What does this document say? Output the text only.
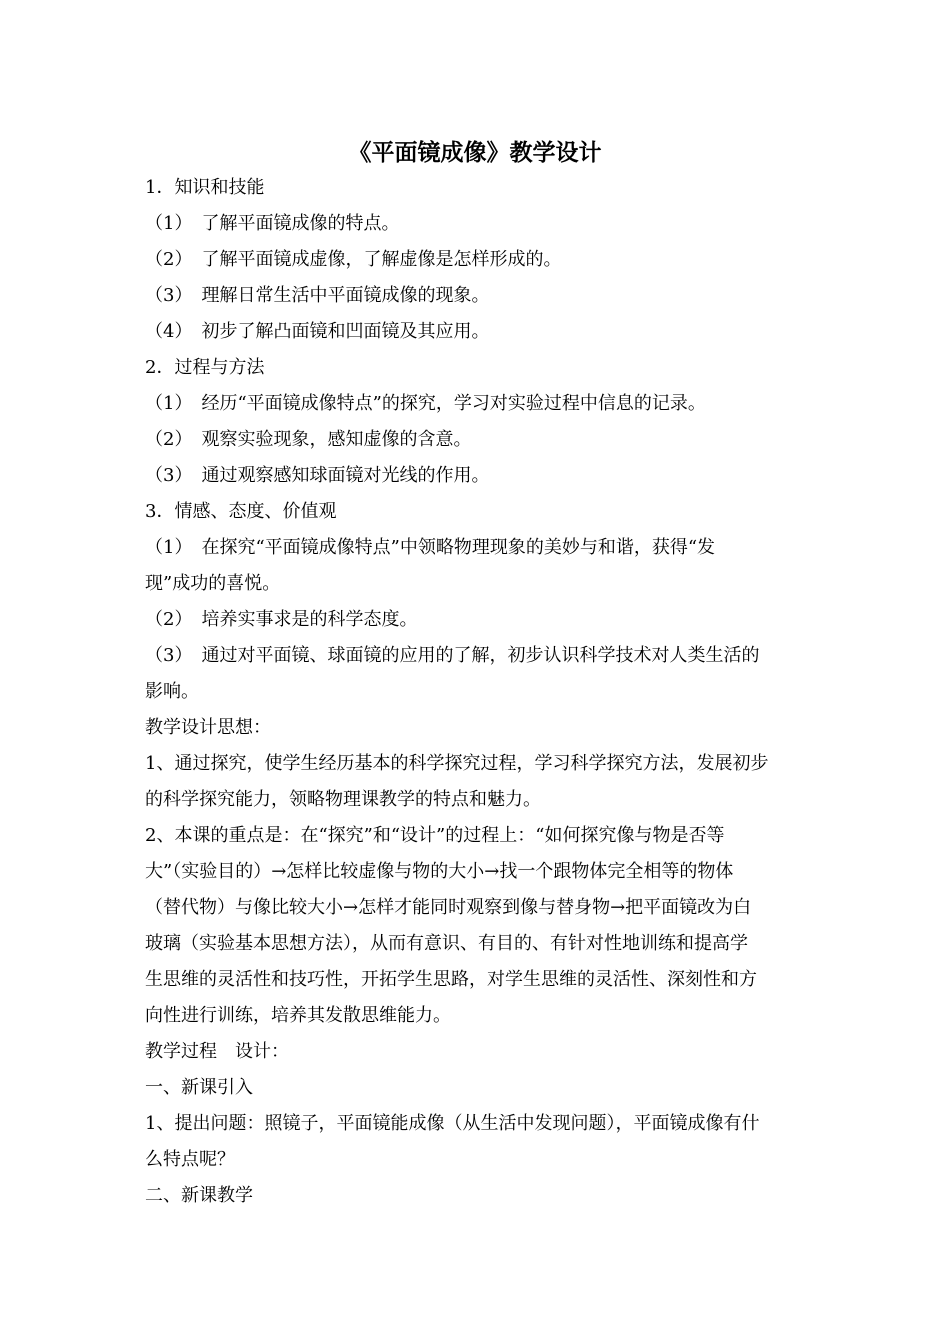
《平面镜成像》教学设计
1．知识和技能
（1）　了解平面镜成像的特点。
（2）　了解平面镜成虚像，了解虚像是怎样形成的。
（3）　理解日常生活中平面镜成像的现象。
（4）　初步了解凸面镜和凹面镜及其应用。
2．过程与方法
（1）　经历“平面镜成像特点”的探究，学习对实验过程中信息的记录。
（2）　观察实验现象，感知虚像的含意。
（3）　通过观察感知球面镜对光线的作用。
3．情感、态度、价值观
（1）　在探究“平面镜成像特点”中领略物理现象的美妙与和谐，获得“发
现”成功的喜悦。
（2）　培养实事求是的科学态度。
（3）　通过对平面镜、球面镜的应用的了解，初步认识科学技术对人类生活的
影响。
教学设计思想：
1、通过探究，使学生经历基本的科学探究过程，学习科学探究方法，发展初步
的科学探究能力，领略物理课教学的特点和魅力。
2、本课的重点是：在“探究”和“设计”的过程上：“如何探究像与物是否等
大”（实验目的）→怎样比较虚像与物的大小→找一个跟物体完全相等的物体
（替代物）与像比较大小→怎样才能同时观察到像与替身物→把平面镜改为白
玻璃（实验基本思想方法），从而有意识、有目的、有针对性地训练和提高学
生思维的灵活性和技巧性，开拓学生思路，对学生思维的灵活性、深刻性和方
向性进行训练，培养其发散思维能力。
教学过程　设计：
一、新课引入
1、提出问题：照镜子，平面镜能成像（从生活中发现问题），平面镜成像有什
么特点呢？
二、新课教学
